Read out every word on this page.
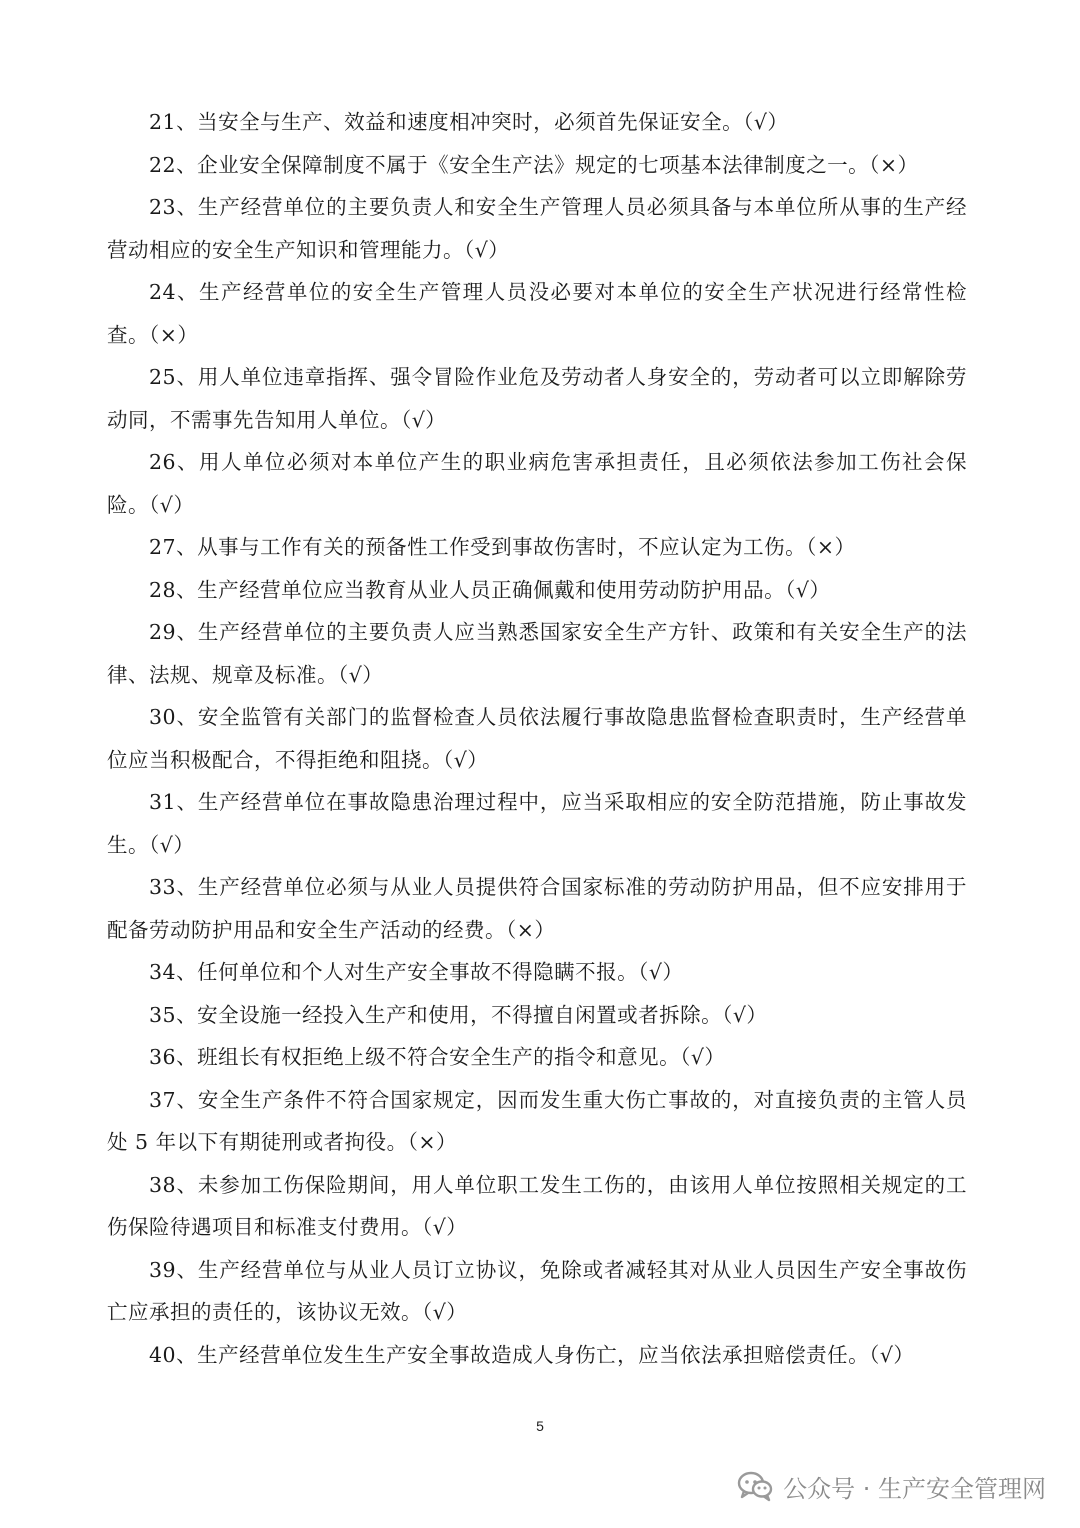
21、当安全与生产、效益和速度相冲突时，必须首先保证安全。（√）

22、企业安全保障制度不属于《安全生产法》规定的七项基本法律制度之一。（×）

23、生产经营单位的主要负责人和安全生产管理人员必须具备与本单位所从事的生产经营动相应的安全生产知识和管理能力。（√）

24、生产经营单位的安全生产管理人员没必要对本单位的安全生产状况进行经常性检查。（×）

25、用人单位违章指挥、强令冒险作业危及劳动者人身安全的，劳动者可以立即解除劳动同，不需事先告知用人单位。（√）

26、用人单位必须对本单位产生的职业病危害承担责任，且必须依法参加工伤社会保险。（√）

27、从事与工作有关的预备性工作受到事故伤害时，不应认定为工伤。（×）

28、生产经营单位应当教育从业人员正确佩戴和使用劳动防护用品。（√）

29、生产经营单位的主要负责人应当熟悉国家安全生产方针、政策和有关安全生产的法律、法规、规章及标准。（√）

30、安全监管有关部门的监督检查人员依法履行事故隐患监督检查职责时，生产经营单位应当积极配合，不得拒绝和阻挠。（√）

31、生产经营单位在事故隐患治理过程中，应当采取相应的安全防范措施，防止事故发生。（√）

33、生产经营单位必须与从业人员提供符合国家标准的劳动防护用品，但不应安排用于配备劳动防护用品和安全生产活动的经费。（×）

34、任何单位和个人对生产安全事故不得隐瞒不报。（√）

35、安全设施一经投入生产和使用，不得擅自闲置或者拆除。（√）

36、班组长有权拒绝上级不符合安全生产的指令和意见。（√）

37、安全生产条件不符合国家规定，因而发生重大伤亡事故的，对直接负责的主管人员处 5 年以下有期徒刑或者拘役。（×）

38、未参加工伤保险期间，用人单位职工发生工伤的，由该用人单位按照相关规定的工伤保险待遇项目和标准支付费用。（√）

39、生产经营单位与从业人员订立协议，免除或者减轻其对从业人员因生产安全事故伤亡应承担的责任的，该协议无效。（√）

40、生产经营单位发生生产安全事故造成人身伤亡，应当依法承担赔偿责任。（√）

5
公众号 · 生产安全管理网
